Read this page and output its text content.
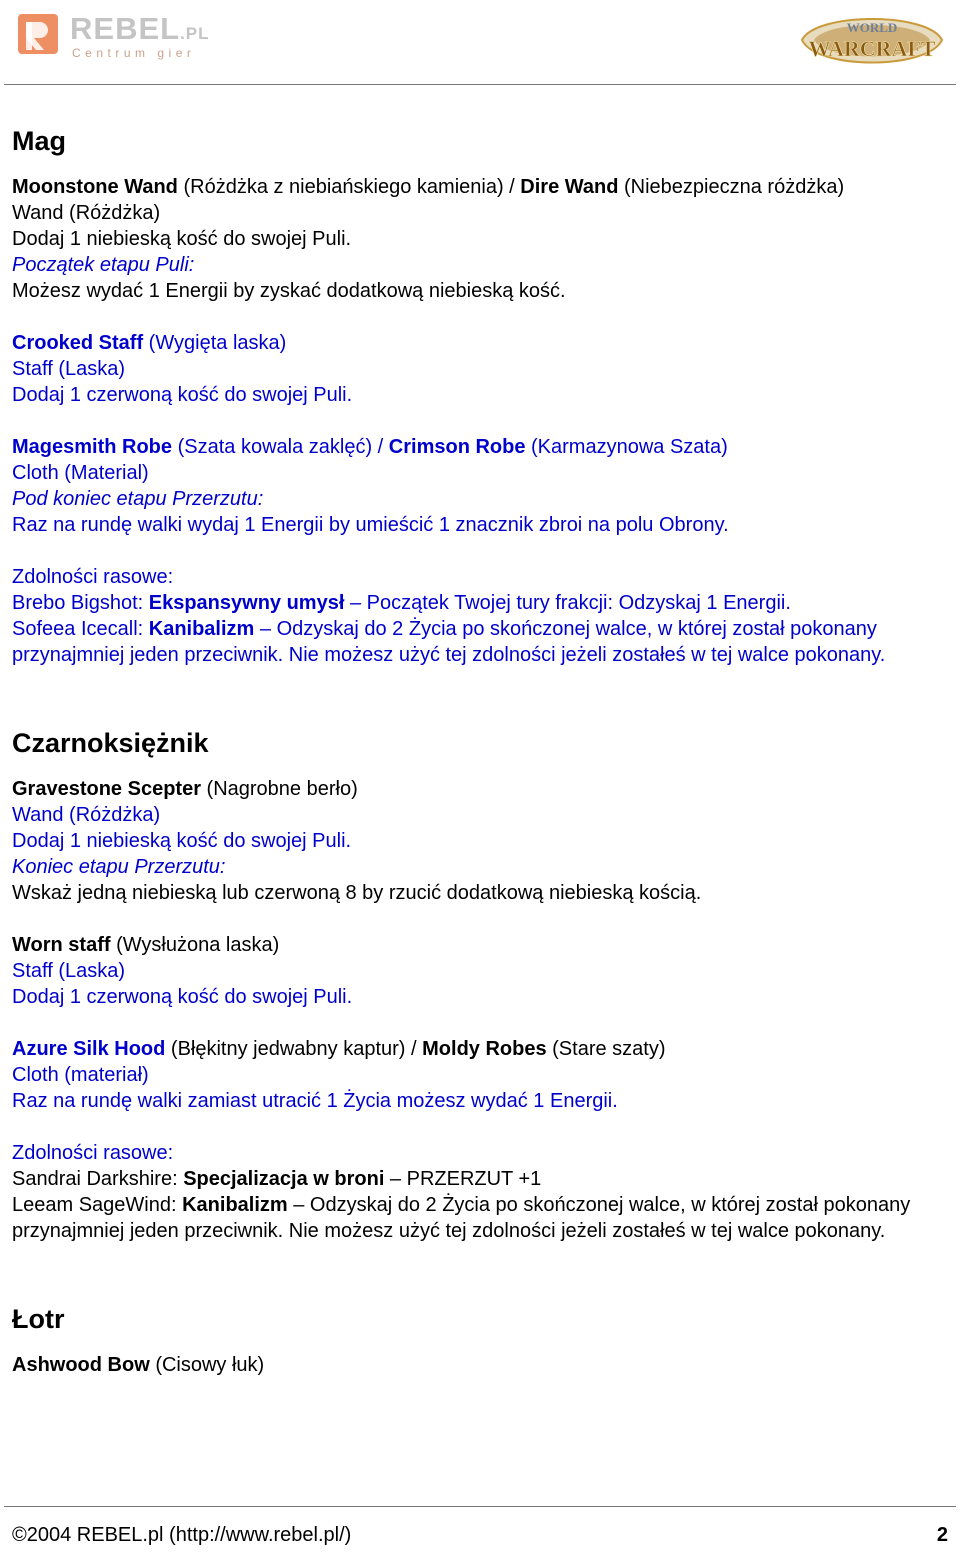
REBEL.PL
Centrum gier
WORLD
WARCRAFT
Mag
Moonstone Wand (Różdżka z niebiańskiego kamienia) / Dire Wand (Niebezpieczna różdżka)
Wand (Różdżka)
Dodaj 1 niebieską kość do swojej Puli.
Początek etapu Puli:
Możesz wydać 1 Energii by zyskać dodatkową niebieską kość.
Crooked Staff (Wygięta laska)
Staff (Laska)
Dodaj 1 czerwoną kość do swojej Puli.
Magesmith Robe (Szata kowala zaklęć) / Crimson Robe (Karmazynowa Szata)
Cloth (Material)
Pod koniec etapu Przerzutu:
Raz na rundę walki wydaj 1 Energii by umieścić 1 znacznik zbroi na polu Obrony.
Zdolności rasowe:
Brebo Bigshot: Ekspansywny umysł – Początek Twojej tury frakcji: Odzyskaj 1 Energii.
Sofeea Icecall: Kanibalizm – Odzyskaj do 2 Życia po skończonej walce, w której został pokonany przynajmniej jeden przeciwnik. Nie możesz użyć tej zdolności jeżeli zostałeś w tej walce pokonany.
Czarnoksiężnik
Gravestone Scepter (Nagrobne berło)
Wand (Różdżka)
Dodaj 1 niebieską kość do swojej Puli.
Koniec etapu Przerzutu:
Wskaż jedną niebieską lub czerwoną 8 by rzucić dodatkową niebieską kością.
Worn staff (Wysłużona laska)
Staff (Laska)
Dodaj 1 czerwoną kość do swojej Puli.
Azure Silk Hood (Błękitny jedwabny kaptur) / Moldy Robes (Stare szaty)
Cloth (materiał)
Raz na rundę walki zamiast utracić 1 Życia możesz wydać 1 Energii.
Zdolności rasowe:
Sandrai Darkshire: Specjalizacja w broni – PRZERZUT +1
Leeam SageWind: Kanibalizm – Odzyskaj do 2 Życia po skończonej walce, w której został pokonany przynajmniej jeden przeciwnik. Nie możesz użyć tej zdolności jeżeli zostałeś w tej walce pokonany.
Łotr
Ashwood Bow (Cisowy łuk)
©2004 REBEL.pl (http://www.rebel.pl/)	2
